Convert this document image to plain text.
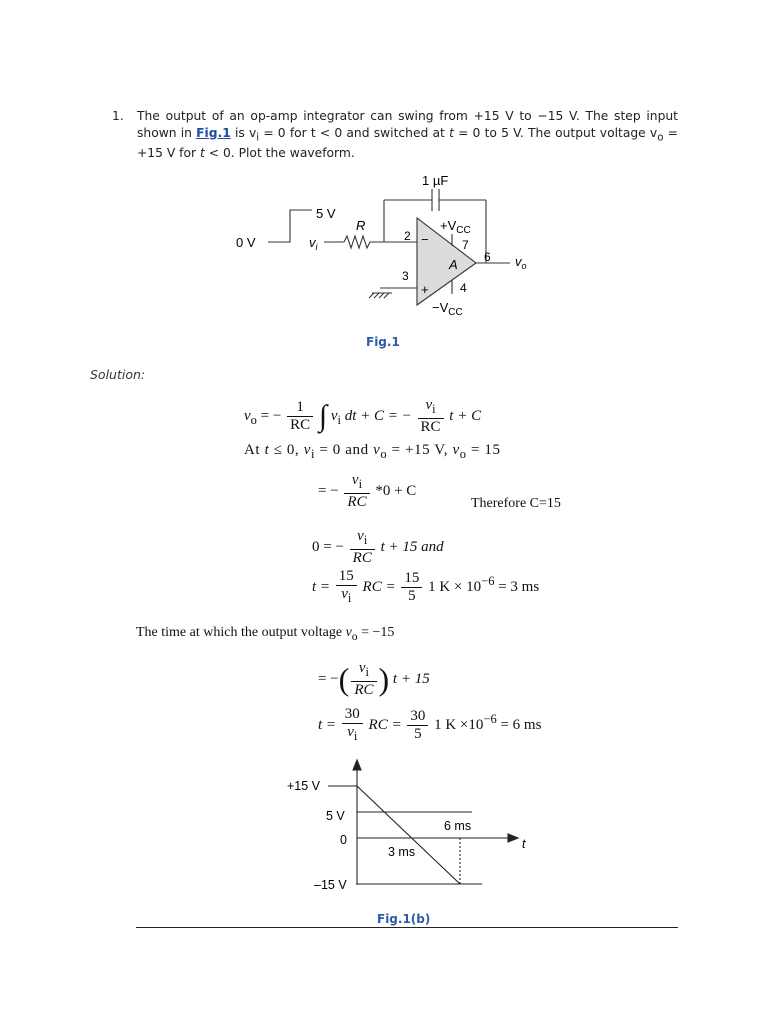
1. The output of an op-amp integrator can swing from +15 V to −15 V. The step input shown in Fig.1 is $v_i = 0$ for t < 0 and switched at t = 0 to 5 V. The output voltage $v_o = +15$ V for t < 0. Plot the waveform.
1 µF
5 V
0 V
R
$v_i$
2
3
4
6
7
−
+
A
$+V_{CC}$
$-V_{CC}$
$v_o$
Fig.1
Solution:
$v_o$ = − $\frac{1}{RC}$ ∫ $v_i$ dt + C = − $\frac{v_i}{RC}$ t + C
At t ≤ 0, $v_i = 0$ and $v_o = +15$ V, $v_o = 15$
= − $\frac{v_i}{RC} *0 + C$
Therefore C=15
0 = − $\frac{v_i}{RC}$ t + 15 and
$t = \frac{15}{v_i}$ RC = $\frac{15}{5} 1$ $K \times 10^{-6} = 3$ ms
The time at which the output voltage $v_o = -15$
= −( $\frac{v_i}{RC}$ ) t + 15
$t = \frac{30}{v_i}$ RC = $\frac{30}{5} 1$ $K \times 10^{-6} = 6$ ms
+15 V
5 V
0
–15 V
6 ms
3 ms
t
Fig.1(b)
